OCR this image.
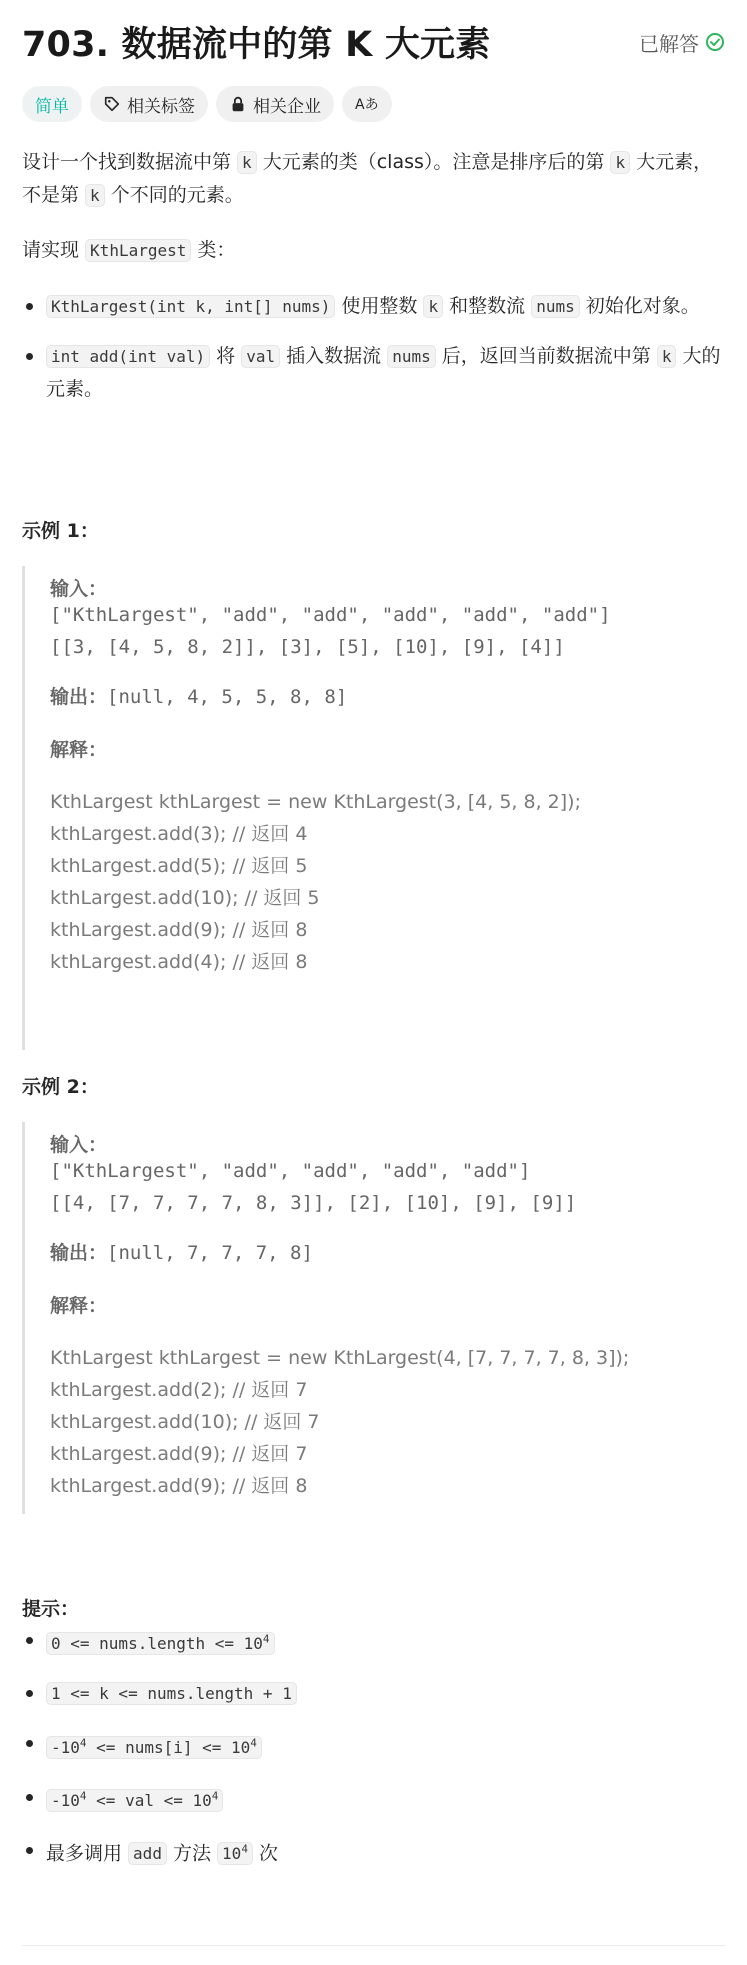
703. 数据流中的第 K 大元素	已解答
简单	相关标签	相关企业 Aあ
设计一个找到数据流中第 k 大元素的类（class）。注意是排序后的第 k 大元素，不是第 k 个不同的元素。
请实现 KthLargest 类：
KthLargest(int k, int[] nums) 使用整数 k 和整数流 nums 初始化对象。
int add(int val) 将 val 插入数据流 nums 后，返回当前数据流中第 k 大的元素。
示例 1：
输入：
["KthLargest", "add", "add", "add", "add", "add"]
[[3, [4, 5, 8, 2]], [3], [5], [10], [9], [4]]
输出：[null, 4, 5, 5, 8, 8]
解释：
KthLargest kthLargest = new KthLargest(3, [4, 5, 8, 2]);
kthLargest.add(3); // 返回 4
kthLargest.add(5); // 返回 5
kthLargest.add(10); // 返回 5
kthLargest.add(9); // 返回 8
kthLargest.add(4); // 返回 8
示例 2：
输入：
["KthLargest", "add", "add", "add", "add"]
[[4, [7, 7, 7, 7, 8, 3]], [2], [10], [9], [9]]
输出：[null, 7, 7, 7, 8]
解释：
KthLargest kthLargest = new KthLargest(4, [7, 7, 7, 7, 8, 3]);
kthLargest.add(2); // 返回 7
kthLargest.add(10); // 返回 7
kthLargest.add(9); // 返回 7
kthLargest.add(9); // 返回 8
提示：
0 <= nums.length <= $10^4$
1 <= k <= nums.length + 1
$-10^4$ <= nums[i] <= $10^4$
$-10^4$ <= val <= $10^4$
最多调用 add 方法 $10^4$ 次
